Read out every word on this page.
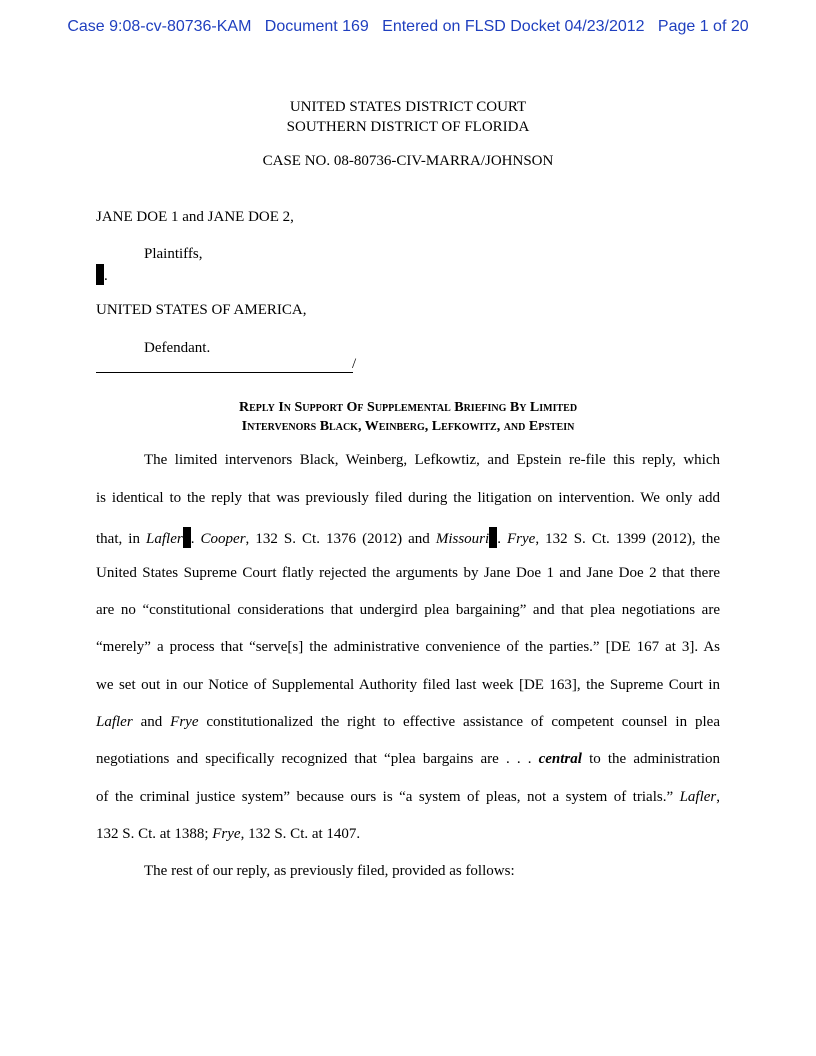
Case 9:08-cv-80736-KAM   Document 169   Entered on FLSD Docket 04/23/2012   Page 1 of 20
UNITED STATES DISTRICT COURT
SOUTHERN DISTRICT OF FLORIDA
CASE NO. 08-80736-CIV-MARRA/JOHNSON
JANE DOE 1 and JANE DOE 2,
Plaintiffs,
.
UNITED STATES OF AMERICA,
Defendant.
/
Reply In Support Of Supplemental Briefing By Limited
Intervenors Black, Weinberg, Lefkowitz, and Epstein
The limited intervenors Black, Weinberg, Lefkowtiz, and Epstein re-file this reply, which
is identical to the reply that was previously filed during the litigation on intervention. We only add
that, in Lafler . Cooper, 132 S. Ct. 1376 (2012) and Missouri . Frye, 132 S. Ct. 1399 (2012), the
United States Supreme Court flatly rejected the arguments by Jane Doe 1 and Jane Doe 2 that there
are no “constitutional considerations that undergird plea bargaining” and that plea negotiations are
“merely” a process that “serve[s] the administrative convenience of the parties.” [DE 167 at 3]. As
we set out in our Notice of Supplemental Authority filed last week [DE 163], the Supreme Court in
Lafler and Frye constitutionalized the right to effective assistance of competent counsel in plea
negotiations and specifically recognized that “plea bargains are . . . central to the administration
of the criminal justice system” because ours is “a system of pleas, not a system of trials.” Lafler,
132 S. Ct. at 1388; Frye, 132 S. Ct. at 1407.
The rest of our reply, as previously filed, provided as follows:
